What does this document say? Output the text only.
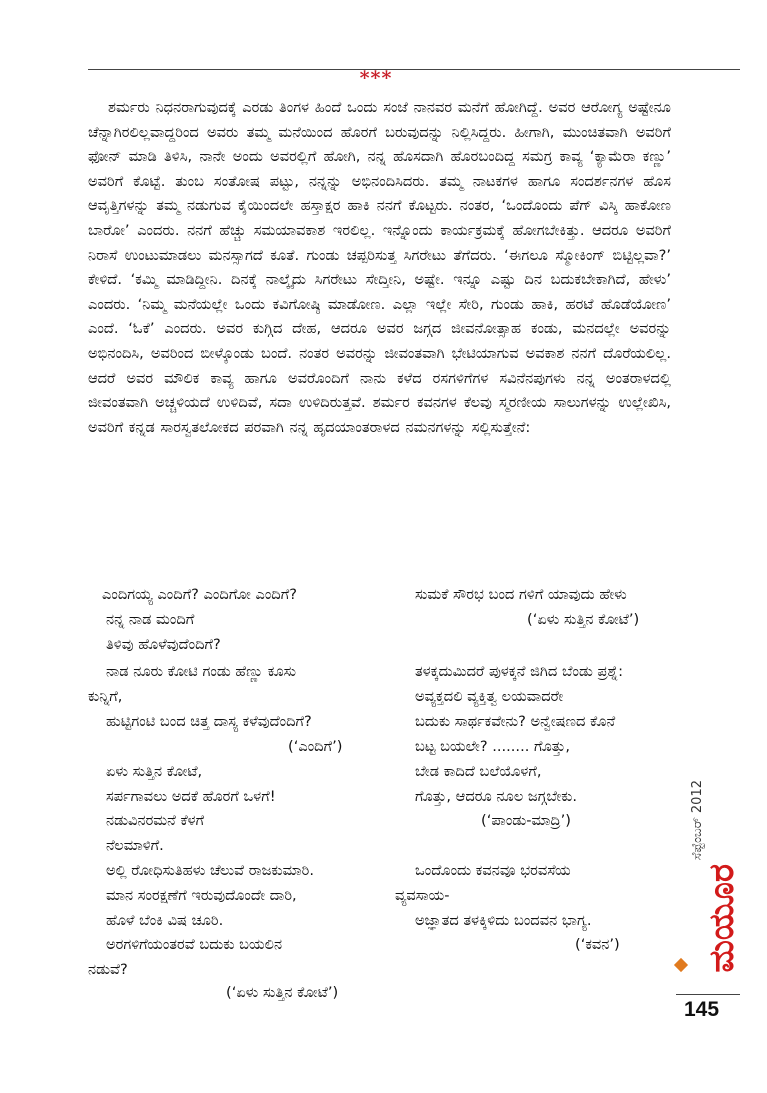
***

ಶರ್ಮರು ನಿಧನರಾಗುವುದಕ್ಕೆ ಎರಡು ತಿಂಗಳ ಹಿಂದೆ ಒಂದು ಸಂಜೆ ನಾನವರ ಮನೆಗೆ ಹೋಗಿದ್ದೆ. ಅವರ ಆರೋಗ್ಯ ಅಷ್ಟೇನೂ ಚೆನ್ನಾಗಿರಲಿಲ್ಲವಾದ್ದರಿಂದ ಅವರು ತಮ್ಮ ಮನೆಯಿಂದ ಹೊರಗೆ ಬರುವುದನ್ನು ನಿಲ್ಲಿಸಿದ್ದರು. ಹೀಗಾಗಿ, ಮುಂಚಿತವಾಗಿ ಅವರಿಗೆ ಫೋನ್ ಮಾಡಿ ತಿಳಿಸಿ, ನಾನೇ ಅಂದು ಅವರಲ್ಲಿಗೆ ಹೋಗಿ, ನನ್ನ ಹೊಸದಾಗಿ ಹೊರಬಂದಿದ್ದ ಸಮಗ್ರ ಕಾವ್ಯ ‘ಕ್ಯಾಮೆರಾ ಕಣ್ಣು’ ಅವರಿಗೆ ಕೊಟ್ಟೆ. ತುಂಬ ಸಂತೋಷ ಪಟ್ಟು, ನನ್ನನ್ನು ಅಭಿನಂದಿಸಿದರು. ತಮ್ಮ ನಾಟಕಗಳ ಹಾಗೂ ಸಂದರ್ಶನಗಳ ಹೊಸ ಆವೃತ್ತಿಗಳನ್ನು ತಮ್ಮ ನಡುಗುವ ಕೈಯಿಂದಲೇ ಹಸ್ತಾಕ್ಷರ ಹಾಕಿ ನನಗೆ ಕೊಟ್ಟರು. ನಂತರ, ‘ಒಂದೊಂದು ಪೆಗ್ ವಿಸ್ಕಿ ಹಾಕೋಣ ಬಾರೋ’ ಎಂದರು. ನನಗೆ ಹೆಚ್ಚು ಸಮಯಾವಕಾಶ ಇರಲಿಲ್ಲ. ಇನ್ನೊಂದು ಕಾರ್ಯಕ್ರಮಕ್ಕೆ ಹೋಗಬೇಕಿತ್ತು. ಆದರೂ ಅವರಿಗೆ ನಿರಾಸೆ ಉಂಟುಮಾಡಲು ಮನಸ್ಸಾಗದೆ ಕೂತೆ. ಗುಂಡು ಚಪ್ಪರಿಸುತ್ತ ಸಿಗರೇಟು ತೆಗೆದರು. ‘ಈಗಲೂ ಸ್ಮೋಕಿಂಗ್ ಬಿಟ್ಟಿಲ್ಲವಾ?’ ಕೇಳಿದೆ. ‘ಕಮ್ಮಿ ಮಾಡಿದ್ದೀನಿ. ದಿನಕ್ಕೆ ನಾಲ್ಕೈದು ಸಿಗರೇಟು ಸೇದ್ತೀನಿ, ಅಷ್ಟೇ. ಇನ್ನೂ ಎಷ್ಟು ದಿನ ಬದುಕಬೇಕಾಗಿದೆ, ಹೇಳು’ ಎಂದರು. ‘ನಿಮ್ಮ ಮನೆಯಲ್ಲೇ ಒಂದು ಕವಿಗೋಷ್ಠಿ ಮಾಡೋಣ. ಎಲ್ಲಾ ಇಲ್ಲೇ ಸೇರಿ, ಗುಂಡು ಹಾಕಿ, ಹರಟೆ ಹೊಡೆಯೋಣ’ ಎಂದೆ. ‘ಓಕೆ’ ಎಂದರು. ಅವರ ಕುಗ್ಗಿದ ದೇಹ, ಆದರೂ ಅವರ ಜಗ್ಗದ ಜೀವನೋತ್ಸಾಹ ಕಂಡು, ಮನದಲ್ಲೇ ಅವರನ್ನು ಅಭಿನಂದಿಸಿ, ಅವರಿಂದ ಬೀಳ್ಕೊಂಡು ಬಂದೆ. ನಂತರ ಅವರನ್ನು ಜೀವಂತವಾಗಿ ಭೇಟಿಯಾಗುವ ಅವಕಾಶ ನನಗೆ ದೊರೆಯಲಿಲ್ಲ. ಆದರೆ ಅವರ ಮೌಲಿಕ ಕಾವ್ಯ ಹಾಗೂ ಅವರೊಂದಿಗೆ ನಾನು ಕಳೆದ ರಸಗಳಿಗೆಗಳ ಸವಿನೆನಪುಗಳು ನನ್ನ ಅಂತರಾಳದಲ್ಲಿ ಜೀವಂತವಾಗಿ ಅಚ್ಚಳಿಯದೆ ಉಳಿದಿವೆ, ಸದಾ ಉಳಿದಿರುತ್ತವೆ. ಶರ್ಮರ ಕವನಗಳ ಕೆಲವು ಸ್ಮರಣೀಯ ಸಾಲುಗಳನ್ನು ಉಲ್ಲೇಖಿಸಿ, ಅವರಿಗೆ ಕನ್ನಡ ಸಾರಸ್ವತಲೋಕದ ಪರವಾಗಿ ನನ್ನ ಹೃದಯಾಂತರಾಳದ ನಮನಗಳನ್ನು ಸಲ್ಲಿಸುತ್ತೇನೆ:

ಎಂದಿಗಯ್ಯ ಎಂದಿಗೆ? ಎಂದಿಗೋ ಎಂದಿಗೆ?
ನನ್ನ ನಾಡ ಮಂದಿಗೆ
ತಿಳಿವು ಹೊಳೆವುದೆಂದಿಗೆ?
ನಾಡ ನೂರು ಕೋಟಿ ಗಂಡು ಹೆಣ್ಣು ಕೂಸು
ಕುನ್ನಿಗೆ,
ಹುಟ್ಟಿಗಂಟಿ ಬಂದ ಚಿತ್ತ ದಾಸ್ಯ ಕಳೆವುದೆಂದಿಗೆ?
(‘ಎಂದಿಗೆ’)
ಏಳು ಸುತ್ತಿನ ಕೋಟೆ,
ಸರ್ಪಗಾವಲು ಅದಕೆ ಹೊರಗೆ ಒಳಗೆ!
ನಡುವಿನರಮನೆ ಕೆಳಗೆ
ನೆಲಮಾಳಿಗೆ.
ಅಲ್ಲಿ ರೋಧಿಸುತಿಹಳು ಚೆಲುವೆ ರಾಜಕುಮಾರಿ.
ಮಾನ ಸಂರಕ್ಷಣೆಗೆ ಇರುವುದೊಂದೇ ದಾರಿ,
ಹೊಳೆ ಬೆಂಕಿ ವಿಷ ಚೂರಿ.
ಅರಗಳಿಗೆಯಂತರವೆ ಬದುಕು ಬಯಲಿನ
ನಡುವೆ?
(‘ಏಳು ಸುತ್ತಿನ ಕೋಟೆ’)
ಸುಮಕೆ ಸೌರಭ ಬಂದ ಗಳಿಗೆ ಯಾವುದು ಹೇಳು
(‘ಏಳು ಸುತ್ತಿನ ಕೋಟೆ’)
ತಳಕ್ಕದುಮಿದರೆ ಪುಳಕ್ಕನೆ ಜಿಗಿದ ಬೆಂಡು ಪ್ರಶ್ನೆ:
ಅವ್ಯಕ್ತದಲಿ ವ್ಯಕ್ತಿತ್ವ ಲಯವಾದರೇ
ಬದುಕು ಸಾರ್ಥಕವೇನು? ಅನ್ವೇಷಣದ ಕೊನೆ
ಬಟ್ಟ ಬಯಲೇ? ........ ಗೊತ್ತು,
ಬೇಡ ಕಾದಿದೆ ಬಲೆಯೊಳಗೆ,
ಗೊತ್ತು, ಆದರೂ ನೂಲ ಜಗ್ಗಬೇಕು.
(‘ಪಾಂಡು-ಮಾದ್ರಿ’)
ಒಂದೊಂದು ಕವನವೂ ಭರವಸೆಯ
ವ್ಯವಸಾಯ-
ಅಜ್ಞಾತದ ತಳಕ್ಕಿಳಿದು ಬಂದವನ ಭಾಗ್ಯ.
(‘ಕವನ’)
ಸೆಪ್ಟೆಂಬರ್ 2012
ಮಯೂರ
145
